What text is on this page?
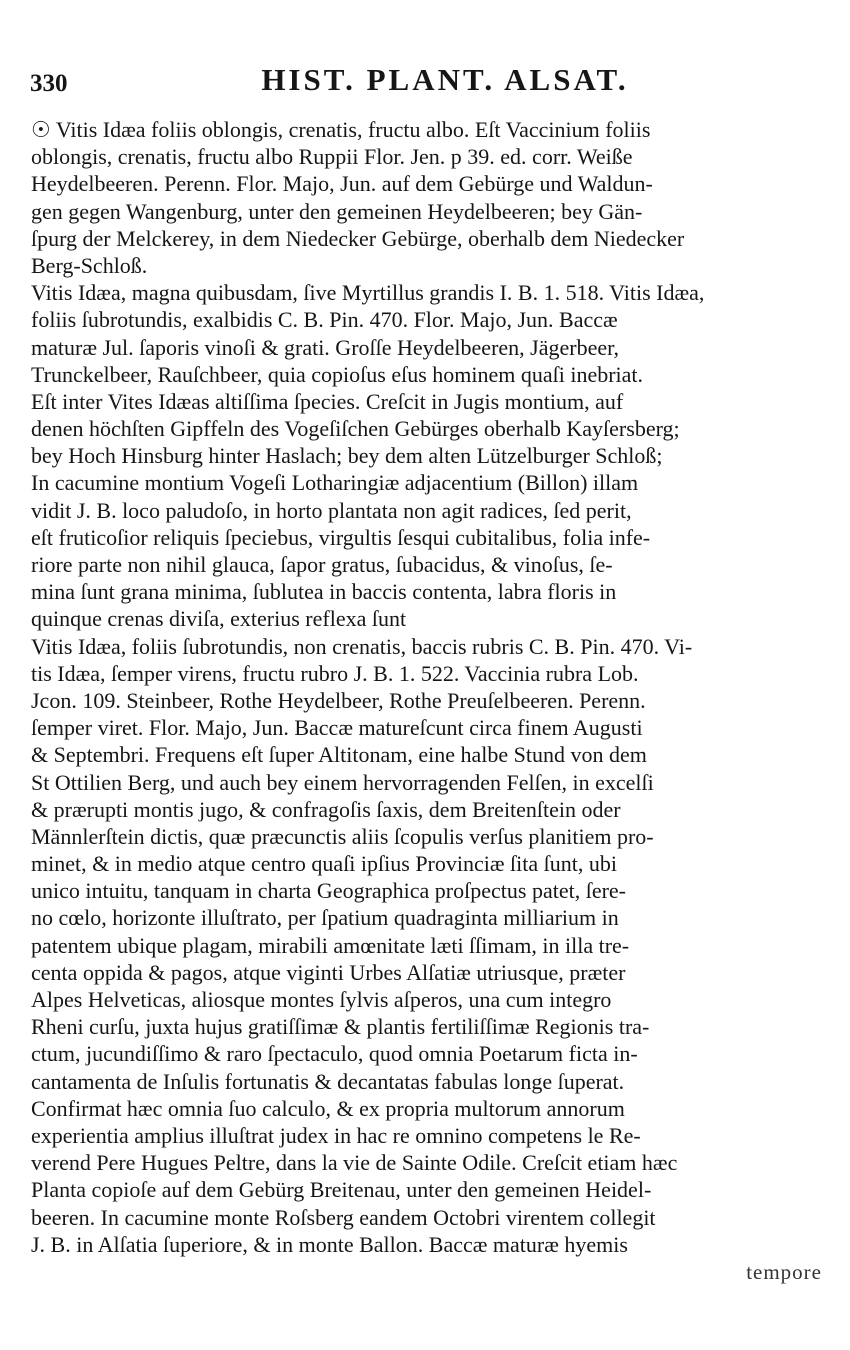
330	HIST. PLANT. ALSAT.
☉ Vitis Idæa foliis oblongis, crenatis, fructu albo. Eſt Vaccinium foliis
oblongis, crenatis, fructu albo Ruppii Flor. Jen. p 39. ed. corr. Weiße
Heydelbeeren. Perenn. Flor. Majo, Jun. auf dem Gebürge und Waldun-
gen gegen Wangenburg, unter den gemeinen Heydelbeeren; bey Gän-
ſpurg der Melckerey, in dem Niedecker Gebürge, oberhalb dem Niedecker
Berg-Schloß.
Vitis Idæa, magna quibusdam, ſive Myrtillus grandis I. B. 1. 518. Vitis Idæa,
foliis ſubrotundis, exalbidis C. B. Pin. 470. Flor. Majo, Jun. Baccæ
maturæ Jul. ſaporis vinoſi & grati. Groſſe Heydelbeeren, Jägerbeer,
Trunckelbeer, Rauſchbeer, quia copioſus eſus hominem quaſi inebriat.
Eſt inter Vites Idæas altiſſima ſpecies. Creſcit in Jugis montium, auf
denen höchſten Gipffeln des Vogeſiſchen Gebürges oberhalb Kayſersberg;
bey Hoch Hinsburg hinter Haslach; bey dem alten Lützelburger Schloß;
In cacumine montium Vogeſi Lotharingiæ adjacentium (Billon) illam
vidit J. B. loco paludoſo, in horto plantata non agit radices, ſed perit,
eſt fruticoſior reliquis ſpeciebus, virgultis ſesqui cubitalibus, folia infe-
riore parte non nihil glauca, ſapor gratus, ſubacidus, & vinoſus, ſe-
mina ſunt grana minima, ſublutea in baccis contenta, labra floris in
quinque crenas diviſa, exterius reflexa ſunt
Vitis Idæa, foliis ſubrotundis, non crenatis, baccis rubris C. B. Pin. 470. Vi-
tis Idæa, ſemper virens, fructu rubro J. B. 1. 522. Vaccinia rubra Lob.
Jcon. 109. Steinbeer, Rothe Heydelbeer, Rothe Preuſelbeeren. Perenn.
ſemper viret. Flor. Majo, Jun. Baccæ matureſcunt circa finem Augusti
& Septembri. Frequens eſt ſuper Altitonam, eine halbe Stund von dem
St Ottilien Berg, und auch bey einem hervorragenden Felſen, in excelſi
& prærupti montis jugo, & confragoſis ſaxis, dem Breitenſtein oder
Männlerſtein dictis, quæ præcunctis aliis ſcopulis verſus planitiem pro-
minet, & in medio atque centro quaſi ipſius Provinciæ ſita ſunt, ubi
unico intuitu, tanquam in charta Geographica proſpectus patet, ſere-
no cœlo, horizonte illuſtrato, per ſpatium quadraginta milliarium in
patentem ubique plagam, mirabili amœnitate læti ſſimam, in illa tre-
centa oppida & pagos, atque viginti Urbes Alſatiæ utriusque, præter
Alpes Helveticas, aliosque montes ſylvis aſperos, una cum integro
Rheni curſu, juxta hujus gratiſſimæ & plantis fertiliſſimæ Regionis tra-
ctum, jucundiſſimo & raro ſpectaculo, quod omnia Poetarum ficta in-
cantamenta de Inſulis fortunatis & decantatas fabulas longe ſuperat.
Confirmat hæc omnia ſuo calculo, & ex propria multorum annorum
experientia amplius illuſtrat judex in hac re omnino competens le Re-
verend Pere Hugues Peltre, dans la vie de Sainte Odile. Creſcit etiam hæc
Planta copioſe auf dem Gebürg Breitenau, unter den gemeinen Heidel-
beeren. In cacumine monte Roſsberg eandem Octobri virentem collegit
J. B. in Alſatia ſuperiore, & in monte Ballon. Baccæ maturæ hyemis
tempore
